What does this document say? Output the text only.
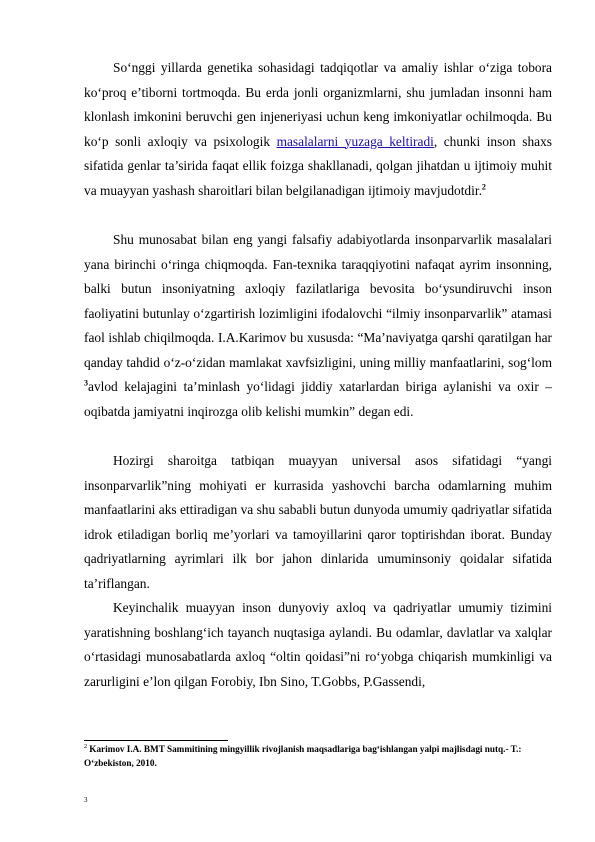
So‘nggi yillarda genetika sohasidagi tadqiqotlar va amaliy ishlar o‘ziga tobora ko‘proq e’tiborni tortmoqda. Bu erda jonli organizmlarni, shu jumladan insonni ham klonlash imkonini beruvchi gen injeneriyasi uchun keng imkoniyatlar ochilmoqda. Bu ko‘p sonli axloqiy va psixologik masalalarni yuzaga keltiradi, chunki inson shaxs sifatida genlar ta’sirida faqat ellik foizga shakllanadi, qolgan jihatdan u ijtimoiy muhit va muayyan yashash sharoitlari bilan belgilanadigan ijtimoiy mavjudotdir.$^2$

Shu munosabat bilan eng yangi falsafiy adabiyotlarda insonparvarlik masalalari yana birinchi o‘ringa chiqmoqda. Fan-texnika taraqqiyotini nafaqat ayrim insonning, balki butun insoniyatning axloqiy fazilatlariga bevosita bo‘ysundiruvchi inson faoliyatini butunlay o‘zgartirish lozimligini ifodalovchi “ilmiy insonparvarlik” atamasi faol ishlab chiqilmoqda. I.A.Karimov bu xususda: “Ma’naviyatga qarshi qaratilgan har qanday tahdid o‘z-o‘zidan mamlakat xavfsizligini, uning milliy manfaatlarini, sog‘lom $^3$avlod kelajagini ta’minlash yo‘lidagi jiddiy xatarlardan biriga aylanishi va oxir – oqibatda jamiyatni inqirozga olib kelishi mumkin” degan edi.

Hozirgi sharoitga tatbiqan muayyan universal asos sifatidagi “yangi insonparvarlik”ning mohiyati er kurrasida yashovchi barcha odamlarning muhim manfaatlarini aks ettiradigan va shu sababli butun dunyoda umumiy qadriyatlar sifatida idrok etiladigan borliq me’yorlari va tamoyillarini qaror toptirishdan iborat. Bunday qadriyatlarning ayrimlari ilk bor jahon dinlarida umuminsoniy qoidalar sifatida ta’riflangan.

Keyinchalik muayyan inson dunyoviy axloq va qadriyatlar umumiy tizimini yaratishning boshlang‘ich tayanch nuqtasiga aylandi. Bu odamlar, davlatlar va xalqlar o‘rtasidagi munosabatlarda axloq “oltin qoidasi”ni ro‘yobga chiqarish mumkinligi va zarurligini e’lon qilgan Forobiy, Ibn Sino, T.Gobbs, P.Gassendi,

$^2$ Karimov I.A. BMT Sammitining mingyillik rivojlanish maqsadlariga bag‘ishlangan yalpi majlisdagi nutq.- T.: O‘zbekiston, 2010.

3
